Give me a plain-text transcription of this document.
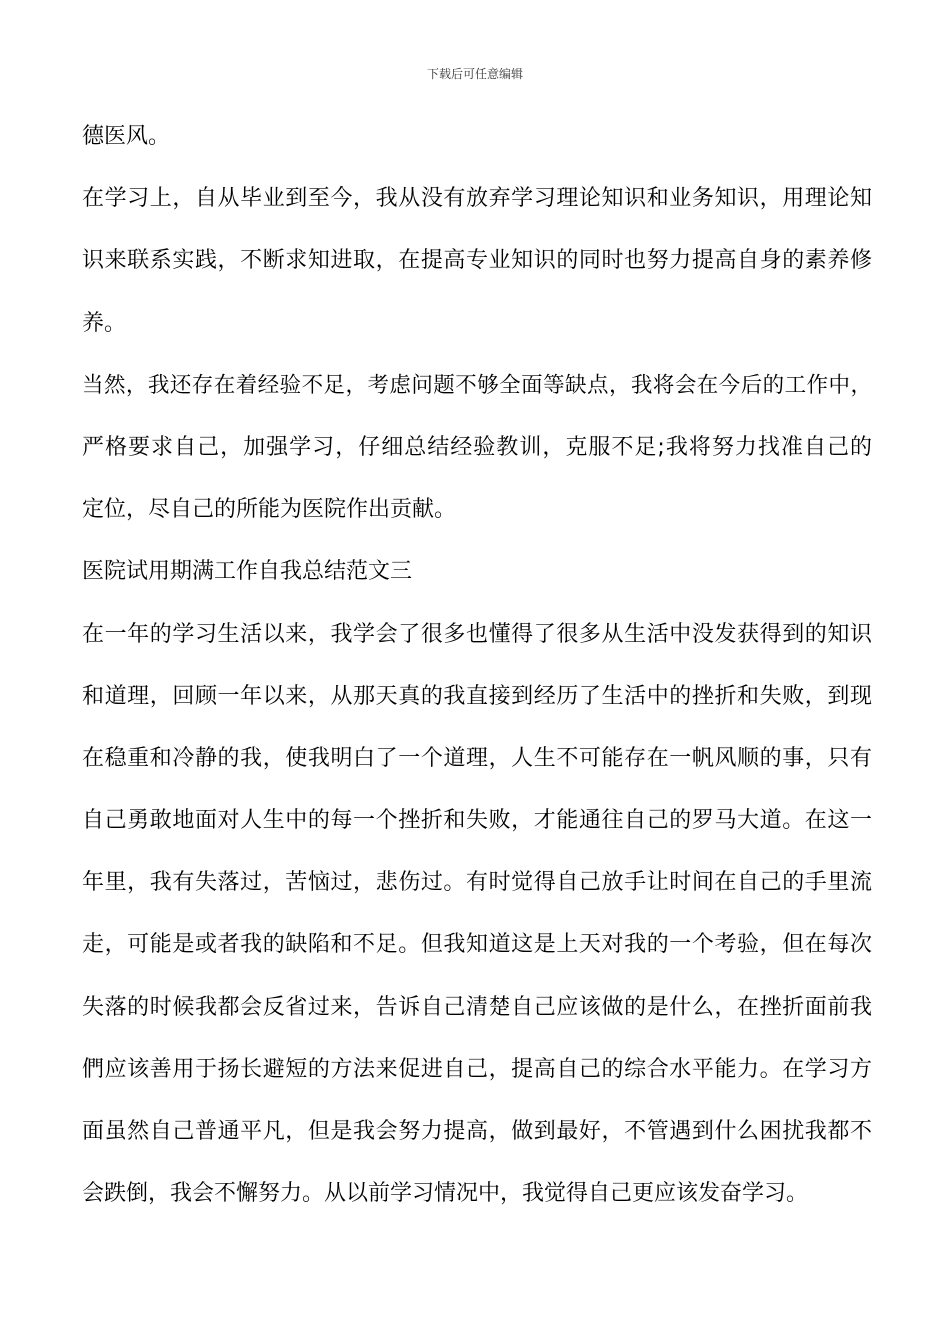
下载后可任意编辑
德医风。
在学习上，自从毕业到至今，我从没有放弃学习理论知识和业务知识，用理论知
识来联系实践，不断求知进取，在提高专业知识的同时也努力提高自身的素养修
养。
当然，我还存在着经验不足，考虑问题不够全面等缺点，我将会在今后的工作中，
严格要求自己，加强学习，仔细总结经验教训，克服不足;我将努力找准自己的
定位，尽自己的所能为医院作出贡献。
医院试用期满工作自我总结范文三
在一年的学习生活以来，我学会了很多也懂得了很多从生活中没发获得到的知识
和道理，回顾一年以来，从那天真的我直接到经历了生活中的挫折和失败，到现
在稳重和冷静的我，使我明白了一个道理，人生不可能存在一帆风顺的事，只有
自己勇敢地面对人生中的每一个挫折和失败，才能通往自己的罗马大道。在这一
年里，我有失落过，苦恼过，悲伤过。有时觉得自己放手让时间在自己的手里流
走，可能是或者我的缺陷和不足。但我知道这是上天对我的一个考验，但在每次
失落的时候我都会反省过来，告诉自己清楚自己应该做的是什么，在挫折面前我
們应该善用于扬长避短的方法来促进自己，提高自己的综合水平能力。在学习方
面虽然自己普通平凡，但是我会努力提高，做到最好，不管遇到什么困扰我都不
会跌倒，我会不懈努力。从以前学习情况中，我觉得自己更应该发奋学习。
